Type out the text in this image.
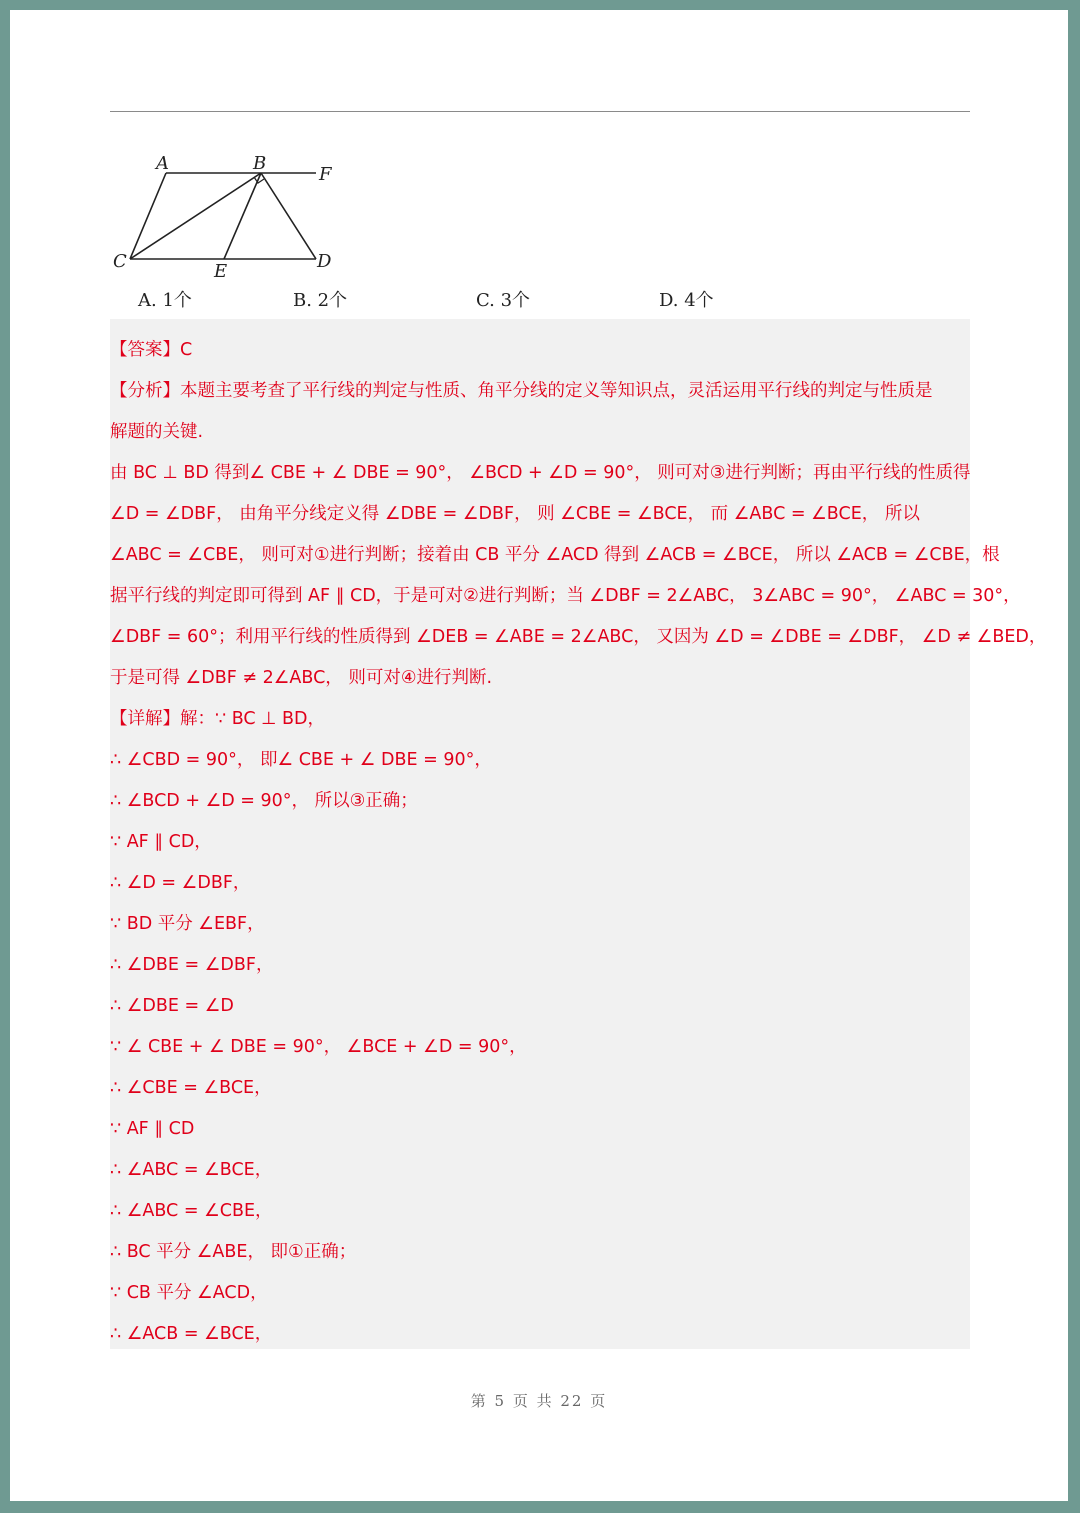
A	B
F
C	E	D
A. 1个	B. 2个	C. 3个	D. 4个
【答案】C
【分析】本题主要考查了平行线的判定与性质、角平分线的定义等知识点，灵活运用平行线的判定与性质是
解题的关键.
由 BC ⊥ BD 得到∠ CBE + ∠ DBE = 90°， ∠BCD + ∠D = 90°， 则可对③进行判断；再由平行线的性质得
∠D = ∠DBF， 由角平分线定义得 ∠DBE = ∠DBF， 则 ∠CBE = ∠BCE， 而 ∠ABC = ∠BCE， 所以
∠ABC = ∠CBE， 则可对①进行判断；接着由 CB 平分 ∠ACD 得到 ∠ACB = ∠BCE， 所以 ∠ACB = ∠CBE，根
据平行线的判定即可得到 AF ∥ CD，于是可对②进行判断；当 ∠DBF = 2∠ABC， 3∠ABC = 90°， ∠ABC = 30°，
∠DBF = 60°；利用平行线的性质得到 ∠DEB = ∠ABE = 2∠ABC， 又因为 ∠D = ∠DBE = ∠DBF， ∠D ≠ ∠BED，
于是可得 ∠DBF ≠ 2∠ABC， 则可对④进行判断.
【详解】解：∵ BC ⊥ BD，
∴ ∠CBD = 90°， 即∠ CBE + ∠ DBE = 90°，
∴ ∠BCD + ∠D = 90°， 所以③正确；
∵ AF ∥ CD，
∴ ∠D = ∠DBF，
∵ BD 平分 ∠EBF，
∴ ∠DBE = ∠DBF，
∴ ∠DBE = ∠D
∵ ∠ CBE + ∠ DBE = 90°， ∠BCE + ∠D = 90°，
∴ ∠CBE = ∠BCE，
∵ AF ∥ CD
∴ ∠ABC = ∠BCE，
∴ ∠ABC = ∠CBE，
∴ BC 平分 ∠ABE， 即①正确；
∵ CB 平分 ∠ACD，
∴ ∠ACB = ∠BCE，
第 5 页 共 22 页
